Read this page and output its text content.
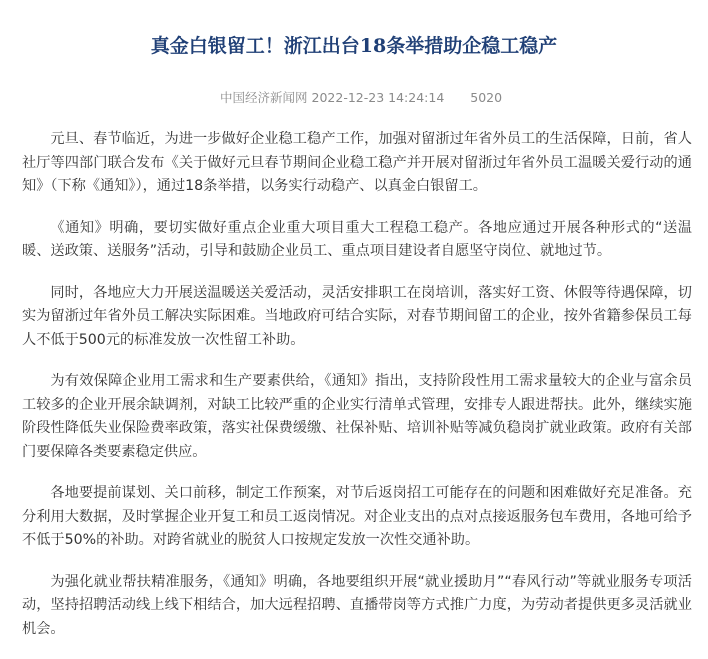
真金白银留工！浙江出台18条举措助企稳工稳产
中国经济新闻网 2022-12-23 14:24:14 5020

元旦、春节临近，为进一步做好企业稳工稳产工作，加强对留浙过年省外员工的生活保障，日前，省人社厅等四部门联合发布《关于做好元旦春节期间企业稳工稳产并开展对留浙过年省外员工温暖关爱行动的通知》（下称《通知》），通过18条举措，以务实行动稳产、以真金白银留工。

《通知》明确，要切实做好重点企业重大项目重大工程稳工稳产。各地应通过开展各种形式的“送温暖、送政策、送服务”活动，引导和鼓励企业员工、重点项目建设者自愿坚守岗位、就地过节。

同时，各地应大力开展送温暖送关爱活动，灵活安排职工在岗培训，落实好工资、休假等待遇保障，切实为留浙过年省外员工解决实际困难。当地政府可结合实际，对春节期间留工的企业，按外省籍参保员工每人不低于500元的标准发放一次性留工补助。

为有效保障企业用工需求和生产要素供给，《通知》指出，支持阶段性用工需求量较大的企业与富余员工较多的企业开展余缺调剂，对缺工比较严重的企业实行清单式管理，安排专人跟进帮扶。此外，继续实施阶段性降低失业保险费率政策，落实社保费缓缴、社保补贴、培训补贴等减负稳岗扩就业政策。政府有关部门要保障各类要素稳定供应。

各地要提前谋划、关口前移，制定工作预案，对节后返岗招工可能存在的问题和困难做好充足准备。充分利用大数据，及时掌握企业开复工和员工返岗情况。对企业支出的点对点接返服务包车费用，各地可给予不低于50%的补助。对跨省就业的脱贫人口按规定发放一次性交通补助。

为强化就业帮扶精准服务，《通知》明确，各地要组织开展“就业援助月”“春风行动”等就业服务专项活动，坚持招聘活动线上线下相结合，加大远程招聘、直播带岗等方式推广力度，为劳动者提供更多灵活就业机会。
